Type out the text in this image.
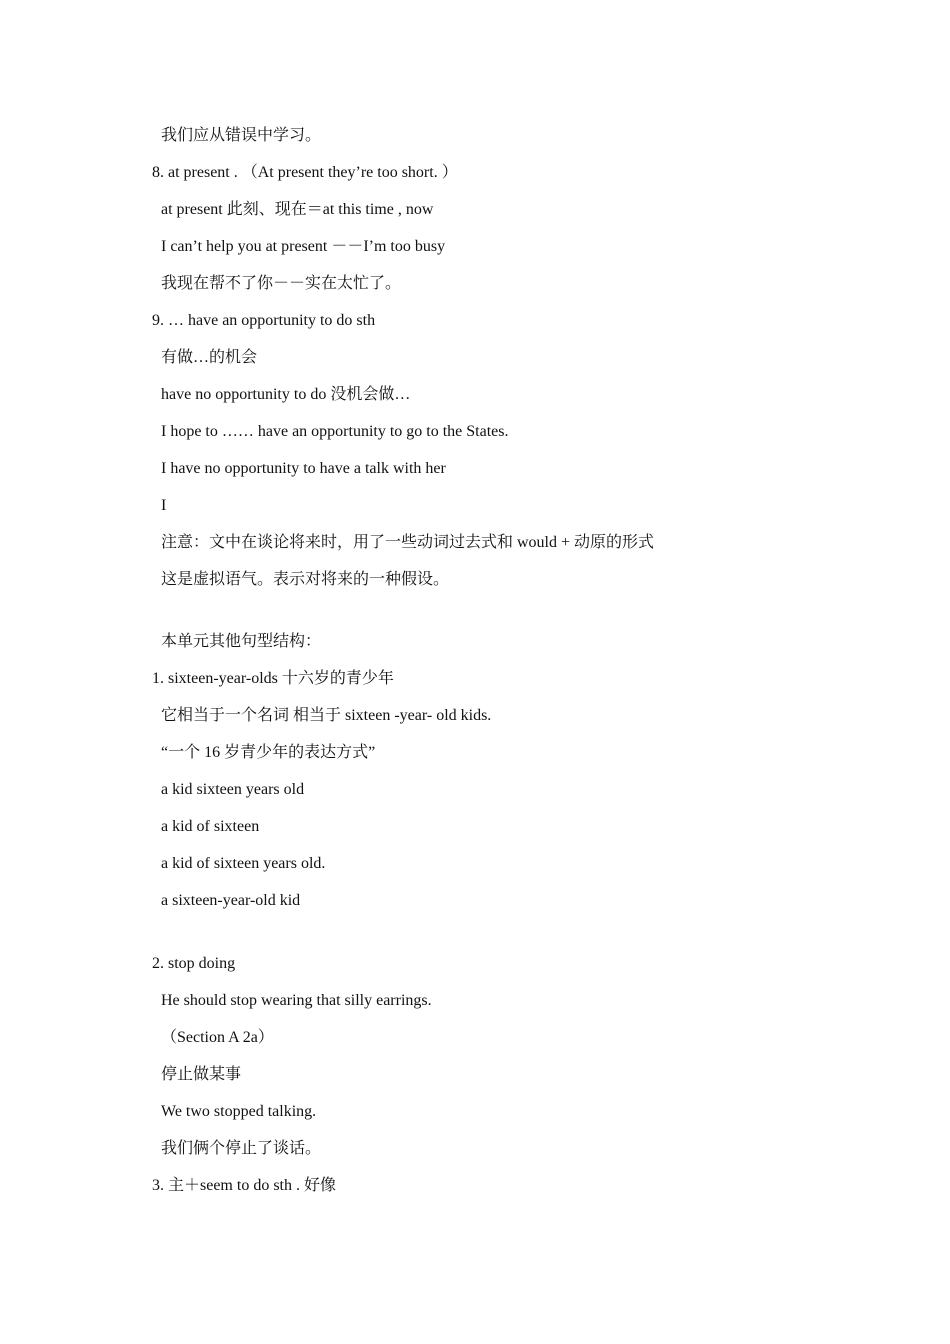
我们应从错误中学习。
8. at present . （At present they’re too short. ）
at present 此刻、现在＝at this time , now
I can’t help you at present －－I’m too busy
我现在帮不了你－－实在太忙了。
9. … have an opportunity to do sth
有做…的机会
have no opportunity to do 没机会做…
I hope to …… have an opportunity to go to the States.
I have no opportunity to have a talk with her
I
注意：文中在谈论将来时，用了一些动词过去式和 would + 动原的形式
这是虚拟语气。表示对将来的一种假设。
本单元其他句型结构：
1. sixteen-year-olds 十六岁的青少年
它相当于一个名词 相当于 sixteen -year- old kids.
“一个 16 岁青少年的表达方式”
a kid sixteen years old
a kid of sixteen
a kid of sixteen years old.
a sixteen-year-old kid
2. stop doing
He should stop wearing that silly earrings.
（Section A 2a）
停止做某事
We two stopped talking.
我们俩个停止了谈话。
3. 主＋seem to do sth . 好像
